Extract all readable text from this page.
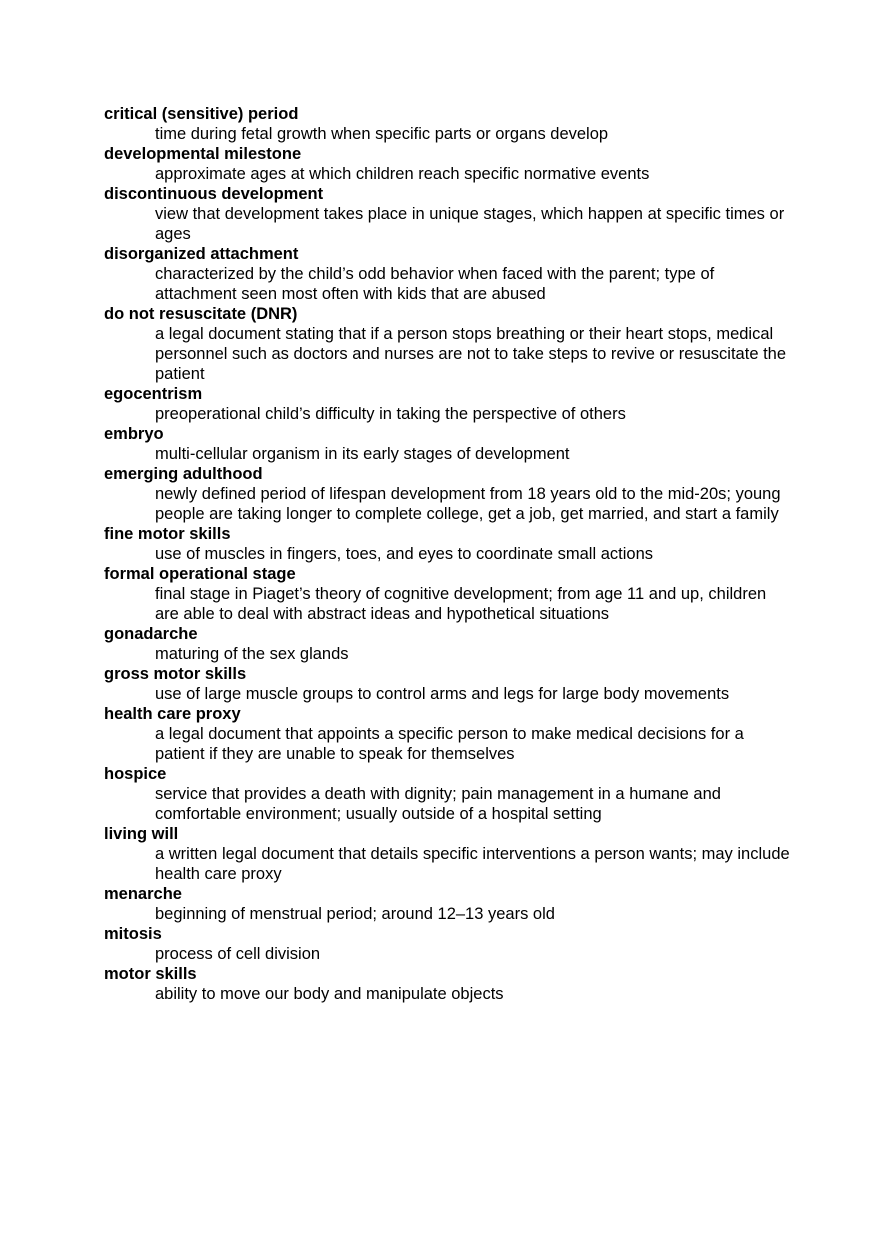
critical (sensitive) period

time during fetal growth when specific parts or organs develop

developmental milestone

approximate ages at which children reach specific normative events

discontinuous development

view that development takes place in unique stages, which happen at specific times or ages

disorganized attachment

characterized by the child’s odd behavior when faced with the parent; type of attachment seen most often with kids that are abused

do not resuscitate (DNR)

a legal document stating that if a person stops breathing or their heart stops, medical personnel such as doctors and nurses are not to take steps to revive or resuscitate the patient

egocentrism

preoperational child’s difficulty in taking the perspective of others

embryo

multi-cellular organism in its early stages of development

emerging adulthood

newly defined period of lifespan development from 18 years old to the mid-20s; young people are taking longer to complete college, get a job, get married, and start a family

fine motor skills

use of muscles in fingers, toes, and eyes to coordinate small actions

formal operational stage

final stage in Piaget’s theory of cognitive development; from age 11 and up, children are able to deal with abstract ideas and hypothetical situations

gonadarche

maturing of the sex glands

gross motor skills

use of large muscle groups to control arms and legs for large body movements

health care proxy

a legal document that appoints a specific person to make medical decisions for a patient if they are unable to speak for themselves

hospice

service that provides a death with dignity; pain management in a humane and comfortable environment; usually outside of a hospital setting

living will

a written legal document that details specific interventions a person wants; may include health care proxy

menarche

beginning of menstrual period; around 12–13 years old

mitosis

process of cell division

motor skills

ability to move our body and manipulate objects
